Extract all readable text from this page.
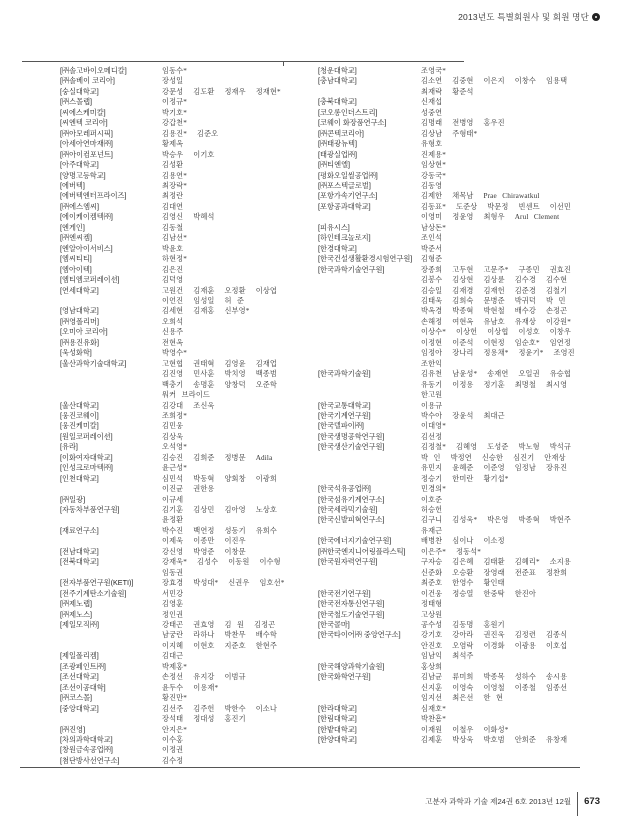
2013년도 특별회원사 및 회원 명단
[㈜솔고바이오메디칼]	임동수*
[㈜솔베이 코리아]	장성일
[숭실대학교]	강문성 김도환 정재우 정재현*
[㈜스몰랩]	이정규*
[씨에스케미칼]	박기호*
[씨엔텍 코리아]	강갑천*
[㈜아모레퍼시픽]	김용진* 김준오
[아세아연마재㈜]	황제옥
[㈜아이컴포넌트]	박승우 이기호
[아주대학교]	김성환
[양명고등학교]	김용연*
[에버텍]	최장락*
[에버텍엔터프라이즈]	최정란
[㈜에스엠씨]	김대연
[에이케이켐텍㈜]	김영신 박혜석
[엔게인]	김동철
[㈜엔씨켐]	김남선*
[엔알아이서비스]	박윤호
[엠씨티티]	하현정*
[엠아이텍]	김은진
[엠티엠코퍼레이션]	김덕영
[연세대학교]	고원건 김재훈 오정환 이상엽 이언진 임성일 허 준
[영남대학교]	김세현 김재홍 신부영*
[㈜영폴리머]	오희석
[오미아 코리아]	신용주
[㈜용진유화]	전현옥
[욱성화학]	박영수*
[울산과학기술대학교]	고현협 권태혁 김영윤 김재업 김진영 민사훈 박치영 백종범 백충기 송명훈 양창덕 오준학 워커 브라이드
[울산대학교]	김강대 조신욱
[웅진코웨이]	조희정*
[웅진케미칼]	김민웅
[원일코퍼레이션]	김상욱
[유라]	오석영*
[이화여자대학교]	김승진 김희준 정병문 Adila
[인성크로마텍㈜]	윤근성*
[인천대학교]	심민석 박동혁 양회창 이광희 이진균 권한용
[㈜일광]	이규세
[자동차부품연구원]	김기훈 김상민 김아영 노상호 윤정환
[재료연구소]	박수진 백연정 성동기 유희수 이제욱 이종만 이진우
[전남대학교]	강신영 박영준 이창문
[전북대학교]	강재욱* 김성수 이동원 이수형 임동권
[전자부품연구원(KETI)]	장효경 박성대* 신권우 임호선*
[전주기계탄소기술원]	서민강
[㈜제노랩]	김영훈
[㈜제노스]	정인권
[제일모직㈜]	강태곤 권효영 김 원 김정곤 남궁란 라하나 박찬무 배수학 이지혜 이현호 지준호 한현주
[제일폴리켐]	김대근
[조광페인트㈜]	박제홍*
[조선대학교]	손정선 유지강 이범규
[조선이공대학]	윤두수 이용재*
[㈜코스몰]	황진만*
[중앙대학교]	김선주 김주헌 박한수 이소나 장석태 정대성 홍진기
[㈜진영]	안지은*
[차의과학대학교]	이수홍
[창원금속공업㈜]	이정권
[첨단방사선연구소]	김수정
[청운대학교]	조영국*
[충남대학교]	김소연 김중현 이은지 이창수 임용택 최재락 황준석
[충북대학교]	신재섭
[코오롱인더스트리]	성중연
[코웨이 화장품연구소]	김명래 전병영 홍우진
[㈜콘텍코리아]	김상남 주형태*
[㈜태광뉴텍]	유형호
[태광실업㈜]	진제용*
[㈜티엔엘]	임상현*
[평화오일씰공업㈜]	강동국*
[㈜포스텍글로벌]	김동영
[포항가속기연구소]	김제한 채목남 Prae Chirawatkul
[포항공과대학교]	김동표* 도준상 박문정 빈센트 이선민 이영미 정윤영 최형우 Arul Clement
[피유시스]	남상돈*
[하인테크놀로지]	조인석
[한경대학교]	박준서
[한국건설생활환경시험연구원]	김형준
[한국과학기술연구원]	장종희 고두현 고문주* 구종민 권효진 김봉수 김상현 김상륜 김수경 김수현 김승일 김재경 김재헌 김준경 김철기 김태욱 김희숙 문병준 박귀덕 박 민 박옥경 박종혁 박현철 배수강 손정곤 손해정 여현옥 유남호 유재상 이강원* 이상수* 이상헌 이상협 이성호 이창우 이정현 이준석 이현정 임순호* 임연정 임정아 장나리 정용채* 정윤기* 조영진 조한익
[한국과학기술원]	김유천 남윤성* 송재연 오일권 유승협 유동기 이정용 정기훈 최명철 최시영 한고원
[한국교통대학교]	이용규
[한국기계연구원]	박수아 장윤석 최대근
[한국델파이㈜]	이대영*
[한국생명공학연구원]	김선정
[한국생산기술연구원]	김정철* 김혜영 도성준 박노형 박석규 박 인 박정연 신승한 심진기 안재상 유민지 윤혜준 이준영 임정남 장유진 정승기 한미란 황기섭*
[한국석유공업㈜]	민경의*
[한국섬유기계연구소]	이호준
[한국세라믹기술원]	허승헌
[한국신발피혁연구소]	김구니 김성욱* 박은영 박종혁 박현주 유재근
[한국에너지기술연구원]	배병찬 심이나 이소정
[㈜한국엔지니어링플라스틱]	이은주* 정동석*
[한국원자력연구원]	구자승 김은혜 김태환 김혜리* 소지용 신준화 오승환 장영래 전준표 정찬희 최준호 한영수 황인태
[한국전기연구원]	이건웅 정승열 한중탁 한진아
[한국전자통신연구원]	정태형
[한국철도기술연구원]	고상원
[한국콜마]	공수성 김동명 홍원기
[한국타이어㈜ 중앙연구소]	강기호 강아라 권진욱 김정련 김종식 안진호 오염락 이경화 이광용 이호섭 임남익 최석주
[한국해양과학기술원]	홍상희
[한국화학연구원]	김남균 류미희 박종목 성하수 송시용 신지훈 이영숙 이영철 이종철 임종선 임지선 최은선 한 현
[한라대학교]	심재호*
[한림대학교]	박찬흠*
[한밭대학교]	이재원 이철우 이화성*
[한양대학교]	김제훈 박상욱 박호범 안희준 유창재
고분자 과학과 기술 제24권 6호 2013년 12월 673
